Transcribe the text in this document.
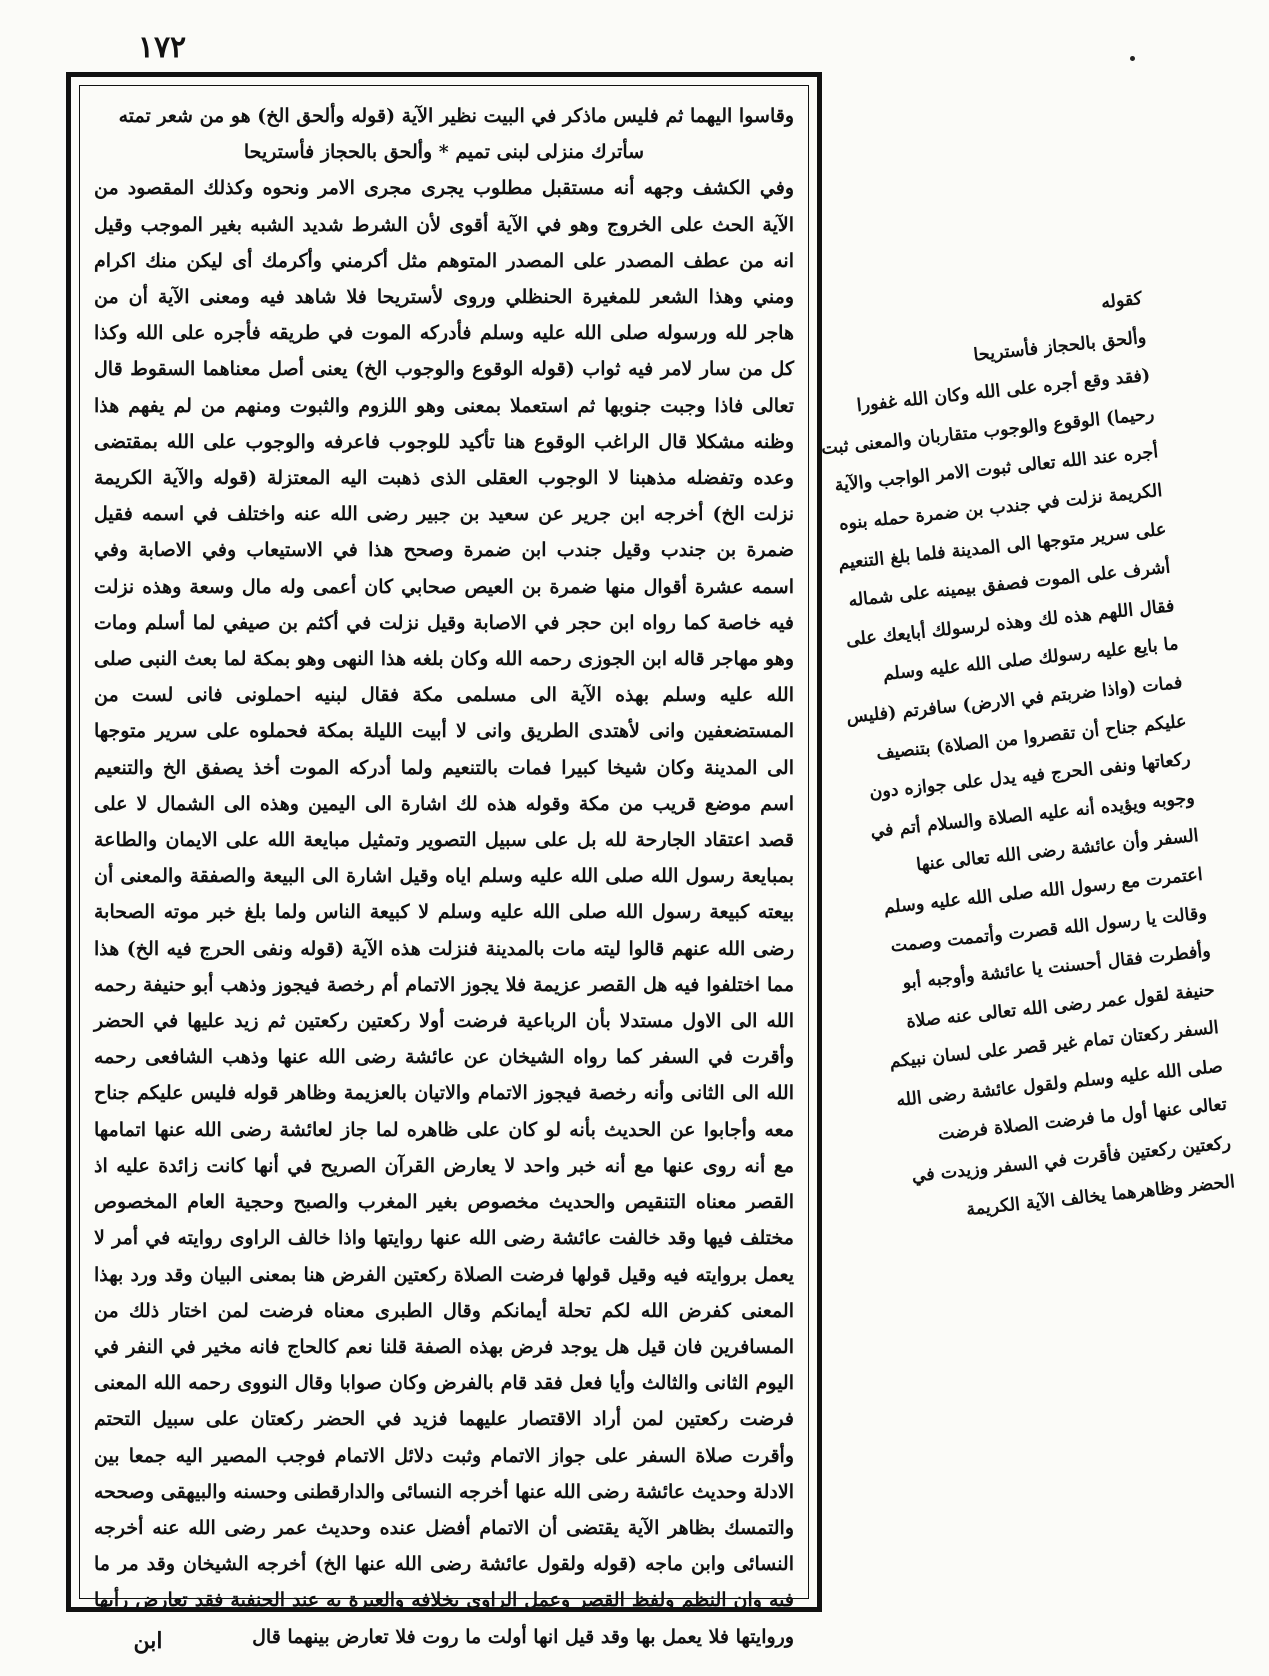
١٧٢
وقاسوا اليهما ثم فليس ماذكر في البيت نظير الآية (قوله وألحق الخ) هو من شعر تمته
سأترك منزلى لبنى تميم * وألحق بالحجاز فأستريحا
وفي الكشف وجهه أنه مستقبل مطلوب يجرى مجرى الامر ونحوه وكذلك المقصود من الآية الحث على الخروج وهو في الآية أقوى لأن الشرط شديد الشبه بغير الموجب وقيل انه من عطف المصدر على المصدر المتوهم مثل أكرمني وأكرمك أى ليكن منك اكرام ومني وهذا الشعر للمغيرة الحنظلي وروى لأستريحا فلا شاهد فيه ومعنى الآية أن من هاجر لله ورسوله صلى الله عليه وسلم فأدركه الموت في طريقه فأجره على الله وكذا كل من سار لامر فيه ثواب (قوله الوقوع والوجوب الخ) يعنى أصل معناهما السقوط قال تعالى فاذا وجبت جنوبها ثم استعملا بمعنى وهو اللزوم والثبوت ومنهم من لم يفهم هذا وظنه مشكلا قال الراغب الوقوع هنا تأكيد للوجوب فاعرفه والوجوب على الله بمقتضى وعده وتفضله مذهبنا لا الوجوب العقلى الذى ذهبت اليه المعتزلة (قوله والآية الكريمة نزلت الخ) أخرجه ابن جرير عن سعيد بن جبير رضى الله عنه واختلف في اسمه فقيل ضمرة بن جندب وقيل جندب ابن ضمرة وصحح هذا في الاستيعاب وفي الاصابة وفي اسمه عشرة أقوال منها ضمرة بن العيص صحابي كان أعمى وله مال وسعة وهذه نزلت فيه خاصة كما رواه ابن حجر في الاصابة وقيل نزلت في أكثم بن صيفي لما أسلم ومات وهو مهاجر قاله ابن الجوزى رحمه الله وكان بلغه هذا النهى وهو بمكة لما بعث النبى صلى الله عليه وسلم بهذه الآية الى مسلمى مكة فقال لبنيه احملونى فانى لست من المستضعفين وانى لأهتدى الطريق وانى لا أبيت الليلة بمكة فحملوه على سرير متوجها الى المدينة وكان شيخا كبيرا فمات بالتنعيم ولما أدركه الموت أخذ يصفق الخ والتنعيم اسم موضع قريب من مكة وقوله هذه لك اشارة الى اليمين وهذه الى الشمال لا على قصد اعتقاد الجارحة لله بل على سبيل التصوير وتمثيل مبايعة الله على الايمان والطاعة بمبايعة رسول الله صلى الله عليه وسلم اياه وقيل اشارة الى البيعة والصفقة والمعنى أن بيعته كبيعة رسول الله صلى الله عليه وسلم لا كبيعة الناس ولما بلغ خبر موته الصحابة رضى الله عنهم قالوا ليته مات بالمدينة فنزلت هذه الآية (قوله ونفى الحرج فيه الخ) هذا مما اختلفوا فيه هل القصر عزيمة فلا يجوز الاتمام أم رخصة فيجوز وذهب أبو حنيفة رحمه الله الى الاول مستدلا بأن الرباعية فرضت أولا ركعتين ركعتين ثم زيد عليها في الحضر وأقرت في السفر كما رواه الشيخان عن عائشة رضى الله عنها وذهب الشافعى رحمه الله الى الثانى وأنه رخصة فيجوز الاتمام والاتيان بالعزيمة وظاهر قوله فليس عليكم جناح معه وأجابوا عن الحديث بأنه لو كان على ظاهره لما جاز لعائشة رضى الله عنها اتمامها مع أنه روى عنها مع أنه خبر واحد لا يعارض القرآن الصريح في أنها كانت زائدة عليه اذ القصر معناه التنقيص والحديث مخصوص بغير المغرب والصبح وحجية العام المخصوص مختلف فيها وقد خالفت عائشة رضى الله عنها روايتها واذا خالف الراوى روايته في أمر لا يعمل بروايته فيه وقيل قولها فرضت الصلاة ركعتين الفرض هنا بمعنى البيان وقد ورد بهذا المعنى كفرض الله لكم تحلة أيمانكم وقال الطبرى معناه فرضت لمن اختار ذلك من المسافرين فان قيل هل يوجد فرض بهذه الصفة قلنا نعم كالحاج فانه مخير في النفر في اليوم الثانى والثالث وأيا فعل فقد قام بالفرض وكان صوابا وقال النووى رحمه الله المعنى فرضت ركعتين لمن أراد الاقتصار عليهما فزيد في الحضر ركعتان على سبيل التحتم وأقرت صلاة السفر على جواز الاتمام وثبت دلائل الاتمام فوجب المصير اليه جمعا بين الادلة وحديث عائشة رضى الله عنها أخرجه النسائى والدارقطنى وحسنه والبيهقى وصححه والتمسك بظاهر الآية يقتضى أن الاتمام أفضل عنده وحديث عمر رضى الله عنه أخرجه النسائى وابن ماجه (قوله ولقول عائشة رضى الله عنها الخ) أخرجه الشيخان وقد مر ما فيه وان النظم ولفظ القصر وعمل الراوى بخلافه والعبرة به عند الحنفية فقد تعارض رأيها وروايتها فلا يعمل بها وقد قيل انها أولت ما روت فلا تعارض بينهما قال
ابن
كقوله
وألحق بالحجاز فأستريحا
(فقد وقع أجره على الله وكان الله غفورا رحيما) الوقوع والوجوب متقاربان والمعنى ثبت أجره عند الله تعالى ثبوت الامر الواجب والآية الكريمة نزلت في جندب بن ضمرة حمله بنوه على سرير متوجها الى المدينة فلما بلغ التنعيم أشرف على الموت فصفق بيمينه على شماله فقال اللهم هذه لك وهذه لرسولك أبايعك على ما بايع عليه رسولك صلى الله عليه وسلم فمات (واذا ضربتم في الارض) سافرتم (فليس عليكم جناح أن تقصروا من الصلاة) بتنصيف ركعاتها ونفى الحرج فيه يدل على جوازه دون وجوبه ويؤيده أنه عليه الصلاة والسلام أتم في السفر وأن عائشة رضى الله تعالى عنها اعتمرت مع رسول الله صلى الله عليه وسلم وقالت يا رسول الله قصرت وأتممت وصمت وأفطرت فقال أحسنت يا عائشة وأوجبه أبو حنيفة لقول عمر رضى الله تعالى عنه صلاة السفر ركعتان تمام غير قصر على لسان نبيكم صلى الله عليه وسلم ولقول عائشة رضى الله تعالى عنها أول ما فرضت الصلاة فرضت ركعتين ركعتين فأقرت في السفر وزيدت في الحضر وظاهرهما يخالف الآية الكريمة
